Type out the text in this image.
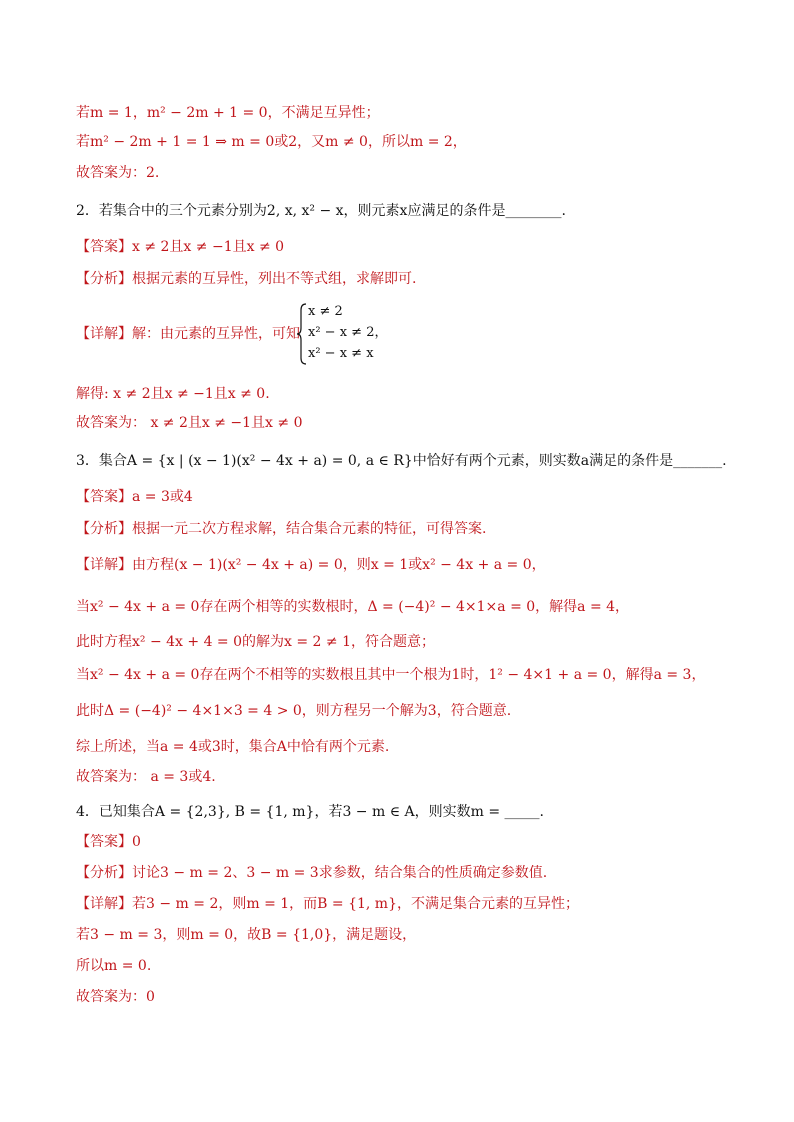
若m = 1，m² − 2m + 1 = 0，不满足互异性；
若m² − 2m + 1 = 1 ⇒ m = 0或2，又m ≠ 0，所以m = 2，
故答案为：2.
2．若集合中的三个元素分别为2, x, x² − x，则元素x应满足的条件是________.
【答案】x ≠ 2且x ≠ −1且x ≠ 0
【分析】根据元素的互异性，列出不等式组，求解即可.
【详解】解：由元素的互异性，可知
x ≠ 2
x² − x ≠ 2，
x² − x ≠ x
解得: x ≠ 2且x ≠ −1且x ≠ 0.
故答案为： x ≠ 2且x ≠ −1且x ≠ 0
3．集合A = {x | (x − 1)(x² − 4x + a) = 0, a ∈ R}中恰好有两个元素，则实数a满足的条件是_______.
【答案】a = 3或4
【分析】根据一元二次方程求解，结合集合元素的特征，可得答案.
【详解】由方程(x − 1)(x² − 4x + a) = 0，则x = 1或x² − 4x + a = 0，
当x² − 4x + a = 0存在两个相等的实数根时，Δ = (−4)² − 4×1×a = 0，解得a = 4，
此时方程x² − 4x + 4 = 0的解为x = 2 ≠ 1，符合题意；
当x² − 4x + a = 0存在两个不相等的实数根且其中一个根为1时，1² − 4×1 + a = 0，解得a = 3，
此时Δ = (−4)² − 4×1×3 = 4 > 0，则方程另一个解为3，符合题意.
综上所述，当a = 4或3时，集合A中恰有两个元素.
故答案为： a = 3或4.
4．已知集合A = {2,3}, B = {1, m}，若3 − m ∈ A，则实数m = _____.
【答案】0
【分析】讨论3 − m = 2、3 − m = 3求参数，结合集合的性质确定参数值.
【详解】若3 − m = 2，则m = 1，而B = {1, m}，不满足集合元素的互异性；
若3 − m = 3，则m = 0，故B = {1,0}，满足题设，
所以m = 0.
故答案为：0
